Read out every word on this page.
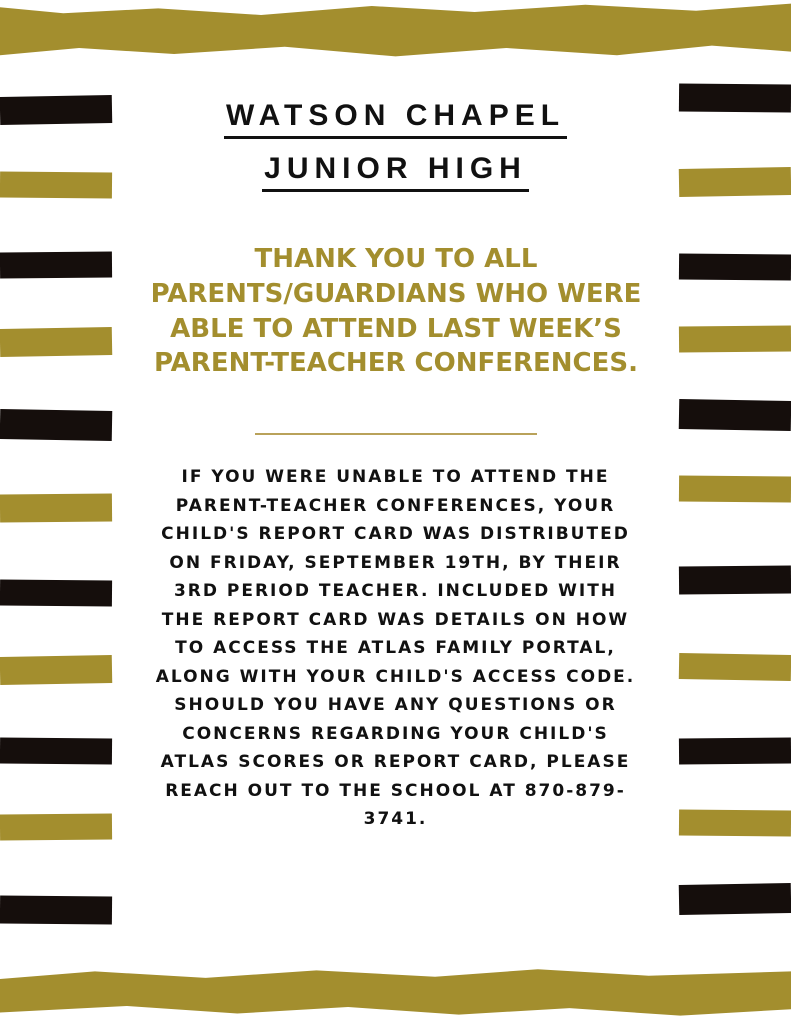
WATSON CHAPEL
JUNIOR HIGH
THANK YOU TO ALL PARENTS/GUARDIANS WHO WERE ABLE TO ATTEND LAST WEEK’S PARENT-TEACHER CONFERENCES.
IF YOU WERE UNABLE TO ATTEND THE PARENT-TEACHER CONFERENCES, YOUR CHILD'S REPORT CARD WAS DISTRIBUTED ON FRIDAY, SEPTEMBER 19TH, BY THEIR 3RD PERIOD TEACHER. INCLUDED WITH THE REPORT CARD WAS DETAILS ON HOW TO ACCESS THE ATLAS FAMILY PORTAL, ALONG WITH YOUR CHILD'S ACCESS CODE. SHOULD YOU HAVE ANY QUESTIONS OR CONCERNS REGARDING YOUR CHILD'S ATLAS SCORES OR REPORT CARD, PLEASE REACH OUT TO THE SCHOOL AT 870-879-3741.
